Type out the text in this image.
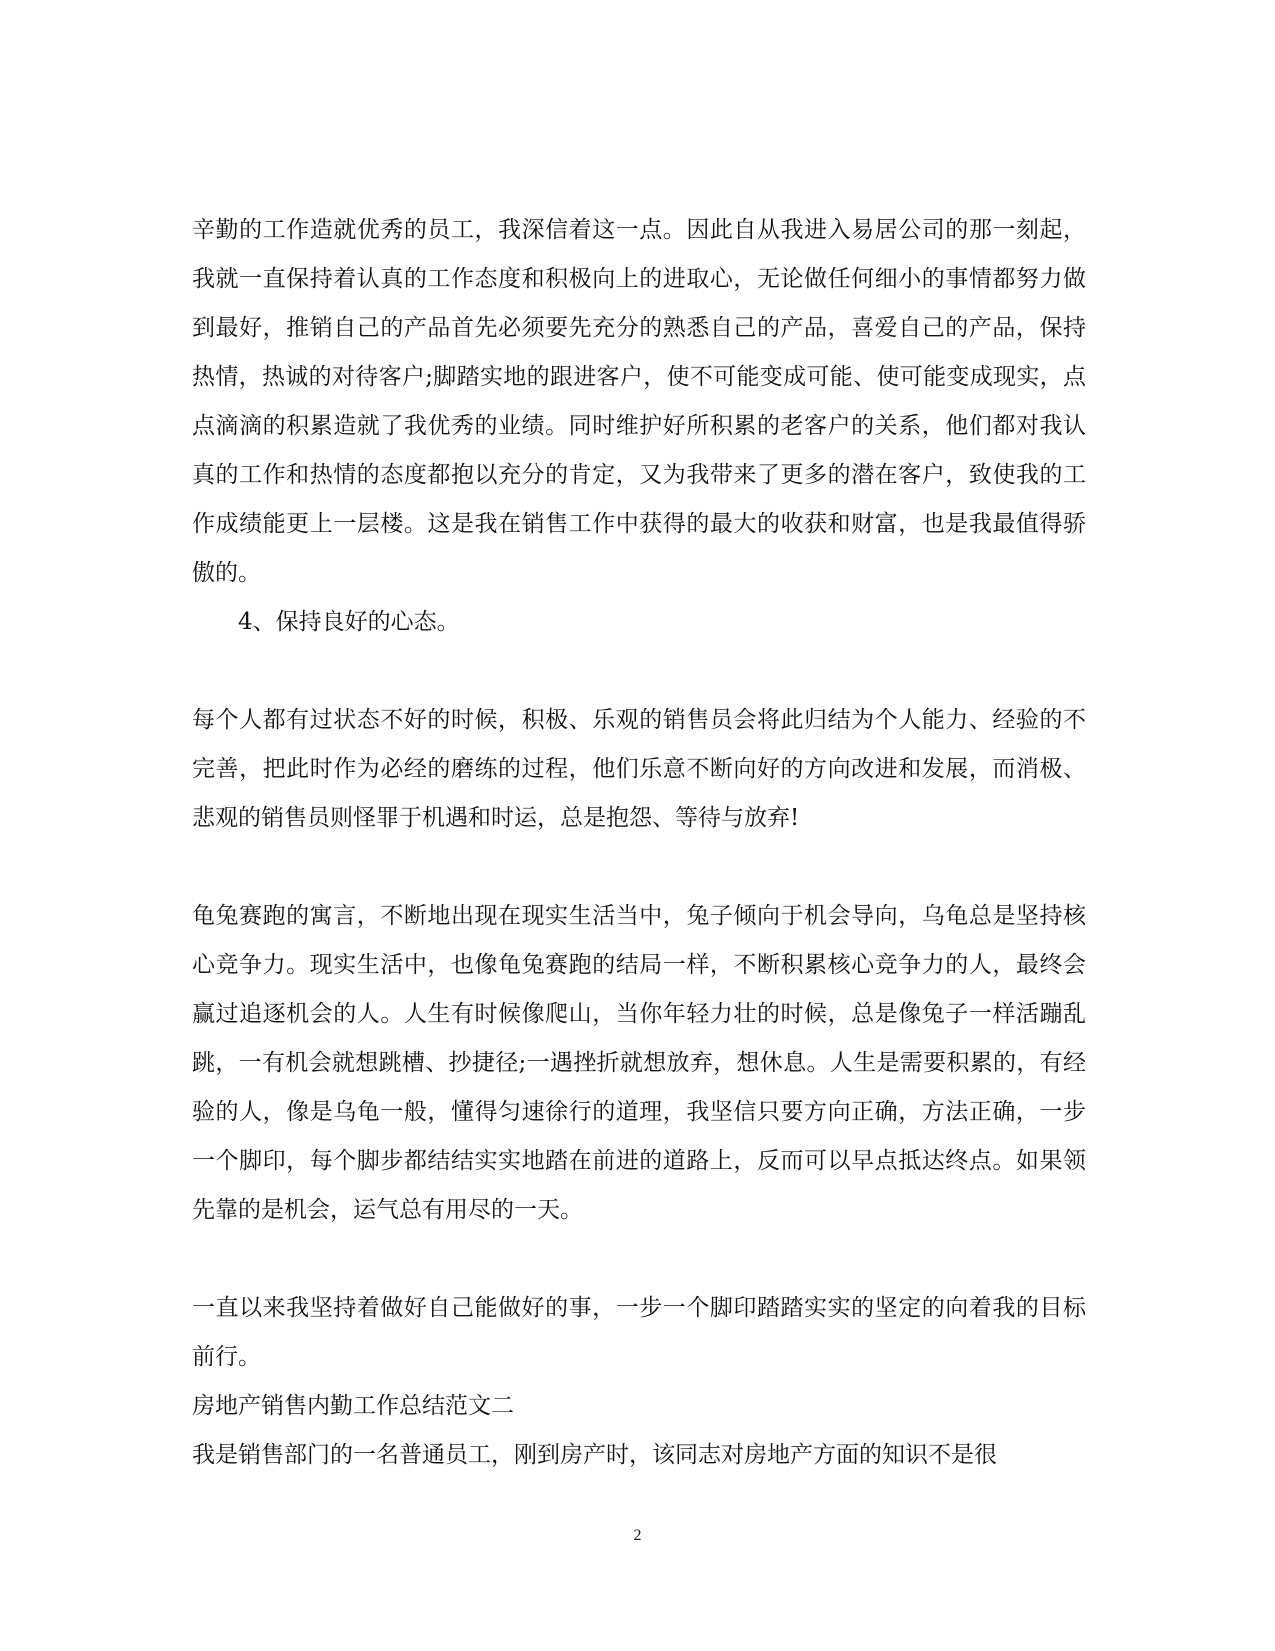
辛勤的工作造就优秀的员工，我深信着这一点。因此自从我进入易居公司的那一刻起，我就一直保持着认真的工作态度和积极向上的进取心，无论做任何细小的事情都努力做到最好，推销自己的产品首先必须要先充分的熟悉自己的产品，喜爱自己的产品，保持热情，热诚的对待客户;脚踏实地的跟进客户，使不可能变成可能、使可能变成现实，点点滴滴的积累造就了我优秀的业绩。同时维护好所积累的老客户的关系，他们都对我认真的工作和热情的态度都抱以充分的肯定，又为我带来了更多的潜在客户，致使我的工作成绩能更上一层楼。这是我在销售工作中获得的最大的收获和财富，也是我最值得骄傲的。

4、保持良好的心态。

每个人都有过状态不好的时候，积极、乐观的销售员会将此归结为个人能力、经验的不完善，把此时作为必经的磨练的过程，他们乐意不断向好的方向改进和发展，而消极、悲观的销售员则怪罪于机遇和时运，总是抱怨、等待与放弃!

龟兔赛跑的寓言，不断地出现在现实生活当中，兔子倾向于机会导向，乌龟总是坚持核心竞争力。现实生活中，也像龟兔赛跑的结局一样，不断积累核心竞争力的人，最终会赢过追逐机会的人。人生有时候像爬山，当你年轻力壮的时候，总是像兔子一样活蹦乱跳，一有机会就想跳槽、抄捷径;一遇挫折就想放弃，想休息。人生是需要积累的，有经验的人，像是乌龟一般，懂得匀速徐行的道理，我坚信只要方向正确，方法正确，一步一个脚印，每个脚步都结结实实地踏在前进的道路上，反而可以早点抵达终点。如果领先靠的是机会，运气总有用尽的一天。

一直以来我坚持着做好自己能做好的事，一步一个脚印踏踏实实的坚定的向着我的目标前行。

房地产销售内勤工作总结范文二

我是销售部门的一名普通员工，刚到房产时，该同志对房地产方面的知识不是很

2
